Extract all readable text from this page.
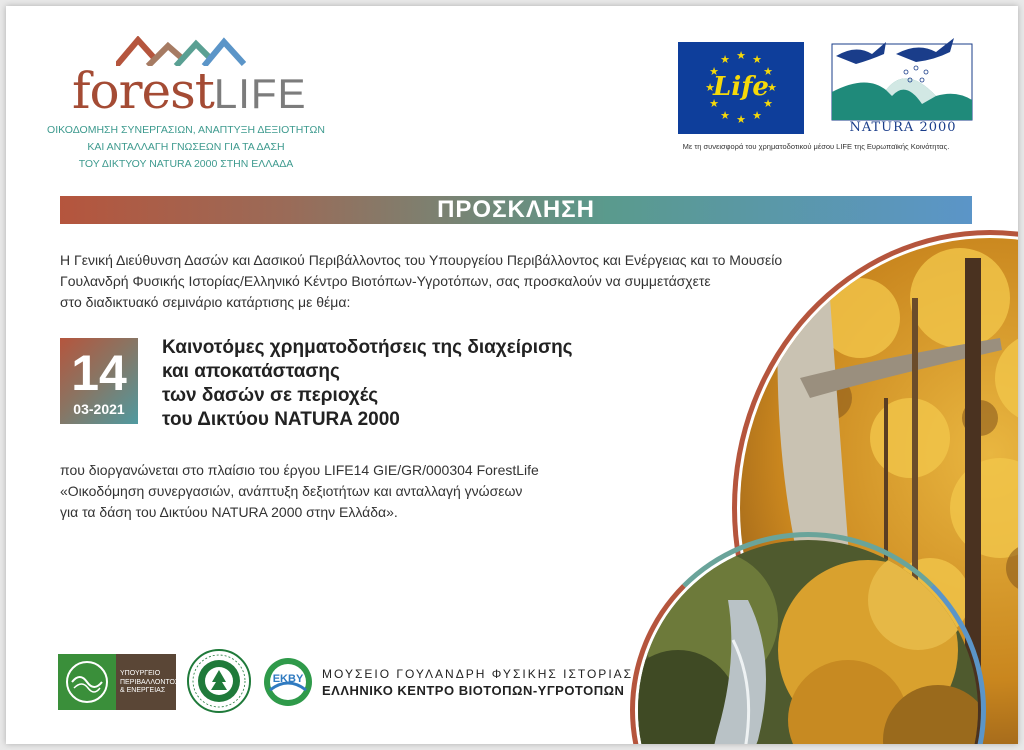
forestLIFE
ΟΙΚΟΔΟΜΗΣΗ ΣΥΝΕΡΓΑΣΙΩΝ, ΑΝΑΠΤΥΞΗ ΔΕΞΙΟΤΗΤΩΝ
ΚΑΙ ΑΝΤΑΛΛΑΓΗ ΓΝΩΣΕΩΝ ΓΙΑ ΤΑ ΔΑΣΗ
ΤΟΥ ΔΙΚΤΥΟΥ NATURA 2000 ΣΤΗΝ ΕΛΛΑΔΑ
★ ★
★
★
★
★
★
★
★
★
★
★
Life
NATURA 2000
Με τη συνεισφορά του χρηματοδοτικού μέσου LIFE της Ευρωπαϊκής Κοινότητας.
ΠΡΟΣΚΛΗΣΗ

Η Γενική Διεύθυνση Δασών και Δασικού Περιβάλλοντος του Υπουργείου Περιβάλλοντος και Ενέργειας και το Μουσείο

Γουλανδρή Φυσικής Ιστορίας/Ελληνικό Κέντρο Βιοτόπων-Υγροτόπων, σας προσκαλούν να συμμετάσχετε

στο διαδικτυακό σεμινάριο κατάρτισης με θέμα:

14
03-2021
Καινοτόμες χρηματοδοτήσεις της διαχείρισης
και αποκατάστασης
των δασών σε περιοχές
του Δικτύου NATURA 2000
που διοργανώνεται στο πλαίσιο του έργου LIFE14 GIE/GR/000304 ForestLife
«Οικοδόμηση συνεργασιών, ανάπτυξη δεξιοτήτων και ανταλλαγή γνώσεων
για τα δάση του Δικτύου NATURA 2000 στην Ελλάδα».
ΥΠΟΥΡΓΕΙΟ
ΠΕΡΙΒΑΛΛΟΝΤΟΣ
& ΕΝΕΡΓΕΙΑΣ
ΕΚΒΥ	ΜΟΥΣΕΙΟ ΓΟΥΛΑΝΔΡΗ ΦΥΣΙΚΗΣ ΙΣΤΟΡΙΑΣ
ΕΛΛΗΝΙΚΟ ΚΕΝΤΡΟ ΒΙΟΤΟΠΩΝ-ΥΓΡΟΤΟΠΩΝ
